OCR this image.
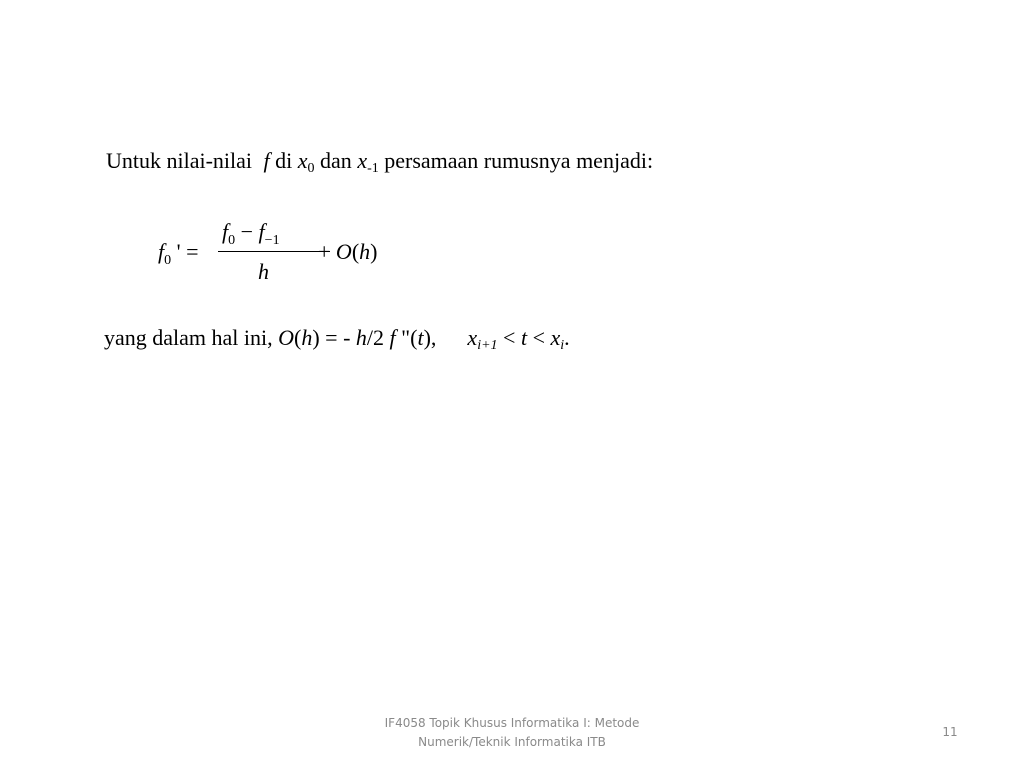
Untuk nilai-nilai f di $x_0$ dan $x_{-1}$ persamaan rumusnya menjadi:
$f_0$ ' =
$f_0 - f_{-1}$
h
+ O(h)
yang dalam hal ini, O(h) = - h/2 f "(t), $x_{i+1} < t < x_i$.
IF4058 Topik Khusus Informatika I: Metode
Numerik/Teknik Informatika ITB
11
